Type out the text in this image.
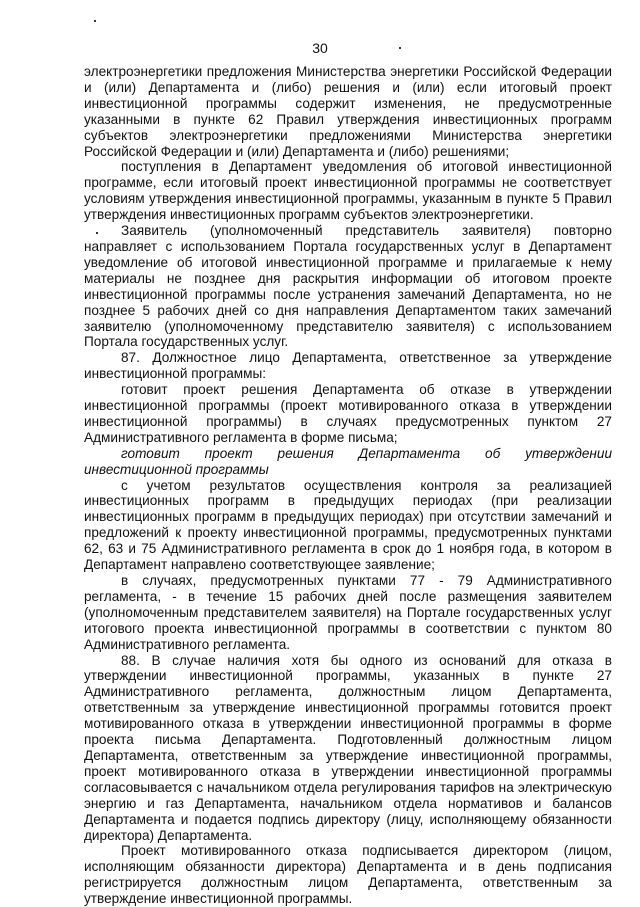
30

электроэнергетики предложения Министерства энергетики Российской Федерации и (или) Департамента и (либо) решения и (или) если итоговый проект инвестиционной программы содержит изменения, не предусмотренные указанными в пункте 62 Правил утверждения инвестиционных программ субъектов электроэнергетики предложениями Министерства энергетики Российской Федерации и (или) Департамента и (либо) решениями;

поступления в Департамент уведомления об итоговой инвестиционной программе, если итоговый проект инвестиционной программы не соответствует условиям утверждения инвестиционной программы, указанным в пункте 5 Правил утверждения инвестиционных программ субъектов электроэнергетики.

Заявитель (уполномоченный представитель заявителя) повторно направляет с использованием Портала государственных услуг в Департамент уведомление об итоговой инвестиционной программе и прилагаемые к нему материалы не позднее дня раскрытия информации об итоговом проекте инвестиционной программы после устранения замечаний Департамента, но не позднее 5 рабочих дней со дня направления Департаментом таких замечаний заявителю (уполномоченному представителю заявителя) с использованием Портала государственных услуг.

87. Должностное лицо Департамента, ответственное за утверждение инвестиционной программы:

готовит проект решения Департамента об отказе в утверждении инвестиционной программы (проект мотивированного отказа в утверждении инвестиционной программы) в случаях предусмотренных пунктом 27 Административного регламента в форме письма;

готовит проект решения Департамента об утверждении инвестиционной программы

с учетом результатов осуществления контроля за реализацией инвестиционных программ в предыдущих периодах (при реализации инвестиционных программ в предыдущих периодах) при отсутствии замечаний и предложений к проекту инвестиционной программы, предусмотренных пунктами 62, 63 и 75 Административного регламента в срок до 1 ноября года, в котором в Департамент направлено соответствующее заявление;

в случаях, предусмотренных пунктами 77 - 79 Административного регламента, - в течение 15 рабочих дней после размещения заявителем (уполномоченным представителем заявителя) на Портале государственных услуг итогового проекта инвестиционной программы в соответствии с пунктом 80 Административного регламента.

88. В случае наличия хотя бы одного из оснований для отказа в утверждении инвестиционной программы, указанных в пункте 27 Административного регламента, должностным лицом Департамента, ответственным за утверждение инвестиционной программы готовится проект мотивированного отказа в утверждении инвестиционной программы в форме проекта письма Департамента. Подготовленный должностным лицом Департамента, ответственным за утверждение инвестиционной программы, проект мотивированного отказа в утверждении инвестиционной программы согласовывается с начальником отдела регулирования тарифов на электрическую энергию и газ Департамента, начальником отдела нормативов и балансов Департамента и подается подпись директору (лицу, исполняющему обязанности директора) Департамента.

Проект мотивированного отказа подписывается директором (лицом, исполняющим обязанности директора) Департамента и в день подписания регистрируется должностным лицом Департамента, ответственным за утверждение инвестиционной программы.
